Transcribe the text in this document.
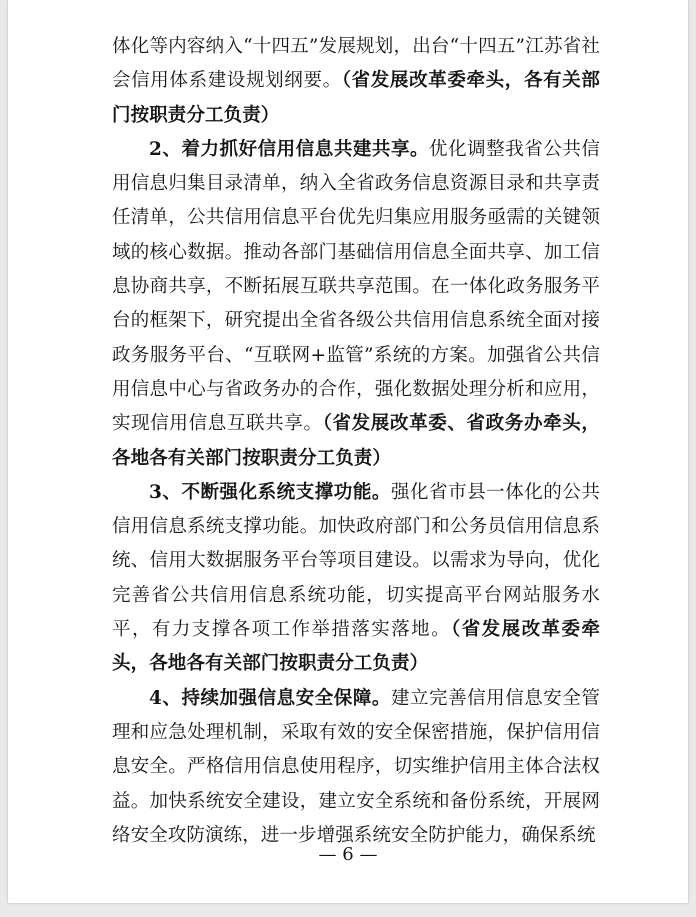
体化等内容纳入“十四五”发展规划，出台“十四五”江苏省社会信用体系建设规划纲要。（省发展改革委牵头，各有关部门按职责分工负责）

2、着力抓好信用信息共建共享。优化调整我省公共信用信息归集目录清单，纳入全省政务信息资源目录和共享责任清单，公共信用信息平台优先归集应用服务亟需的关键领域的核心数据。推动各部门基础信用信息全面共享、加工信息协商共享，不断拓展互联共享范围。在一体化政务服务平台的框架下，研究提出全省各级公共信用信息系统全面对接政务服务平台、“互联网+监管”系统的方案。加强省公共信用信息中心与省政务办的合作，强化数据处理分析和应用，实现信用信息互联共享。（省发展改革委、省政务办牵头，各地各有关部门按职责分工负责）

3、不断强化系统支撑功能。强化省市县一体化的公共信用信息系统支撑功能。加快政府部门和公务员信用信息系统、信用大数据服务平台等项目建设。以需求为导向，优化完善省公共信用信息系统功能，切实提高平台网站服务水平，有力支撑各项工作举措落实落地。（省发展改革委牵头，各地各有关部门按职责分工负责）

4、持续加强信息安全保障。建立完善信用信息安全管理和应急处理机制，采取有效的安全保密措施，保护信用信息安全。严格信用信息使用程序，切实维护信用主体合法权益。加快系统安全建设，建立安全系统和备份系统，开展网络安全攻防演练，进一步增强系统安全防护能力，确保系统

— 6 —
